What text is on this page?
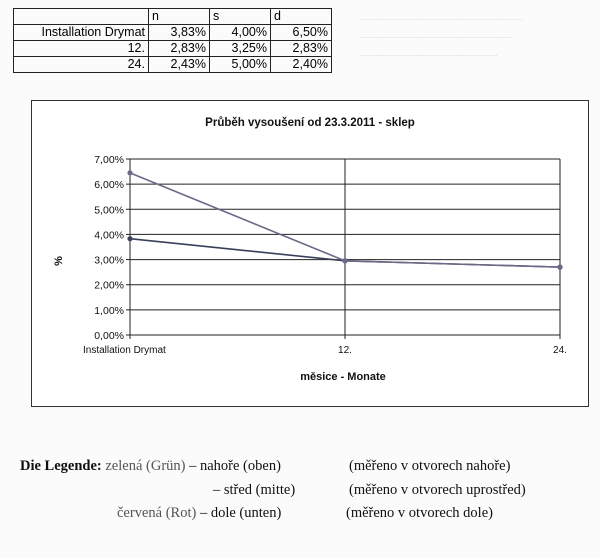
.................................................................
.............................................................
.......................................................
	n	s	d
Installation Drymat	3,83%	4,00%	6,50%
12.	2,83%	3,25%	2,83%
24.	2,43%	5,00%	2,40%
Průběh vysoušení od 23.3.2011 - sklep
0,00%
1,00%
2,00%
3,00%
4,00%
5,00%
6,00%
7,00%
Installation Drymat	12.	24.
%
měsice - Monate
Die Legende: zelená (Grün) – nahoře (oben)	(měřeno v otvorech nahoře)
– střed (mitte)	(měřeno v otvorech uprostřed)
červená (Rot) – dole (unten)	(měřeno v otvorech dole)
